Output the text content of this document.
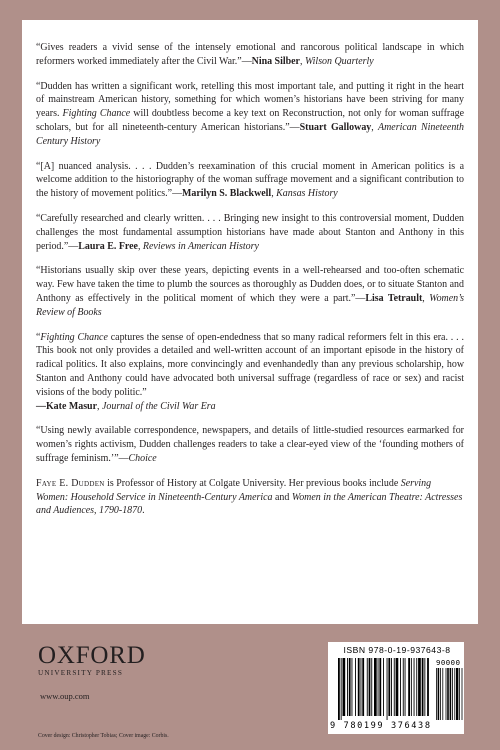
“Gives readers a vivid sense of the intensely emotional and rancorous political landscape in which reformers worked immediately after the Civil War.”—Nina Silber, Wilson Quarterly

“Dudden has written a significant work, retelling this most important tale, and putting it right in the heart of mainstream American history, something for which women’s historians have been striving for many years. Fighting Chance will doubtless become a key text on Reconstruction, not only for woman suffrage scholars, but for all nineteenth-century American historians.”—Stuart Galloway, American Nineteenth Century History

“[A] nuanced analysis. . . . Dudden’s reexamination of this crucial moment in American politics is a welcome addition to the historiography of the woman suffrage movement and a significant contribution to the history of movement politics.”—Marilyn S. Blackwell, Kansas History

“Carefully researched and clearly written. . . . Bringing new insight to this controversial moment, Dudden challenges the most fundamental assumption historians have made about Stanton and Anthony in this period.”—Laura E. Free, Reviews in American History

“Historians usually skip over these years, depicting events in a well-rehearsed and too-often schematic way. Few have taken the time to plumb the sources as thoroughly as Dudden does, or to situate Stanton and Anthony as effectively in the political moment of which they were a part.”—Lisa Tetrault, Women’s Review of Books

“Fighting Chance captures the sense of open-endedness that so many radical reformers felt in this era. . . . This book not only provides a detailed and well-written account of an important episode in the history of radical politics. It also explains, more convincingly and evenhandedly than any previous scholarship, how Stanton and Anthony could have advocated both universal suffrage (regardless of race or sex) and racist visions of the body politic.”
—Kate Masur, Journal of the Civil War Era

“Using newly available correspondence, newspapers, and details of little-studied resources earmarked for women’s rights activism, Dudden challenges readers to take a clear-eyed view of the ‘founding mothers of suffrage feminism.’”—Choice

Faye E. Dudden is Professor of History at Colgate University. Her previous books include Serving Women: Household Service in Nineteenth-Century America and Women in the American Theatre: Actresses and Audiences, 1790-1870.

OXFORD
UNIVERSITY PRESS
www.oup.com
Cover design: Christopher Tobias; Cover image: Corbis.
ISBN 978-0-19-937643-8
90000
9 780199 376438
